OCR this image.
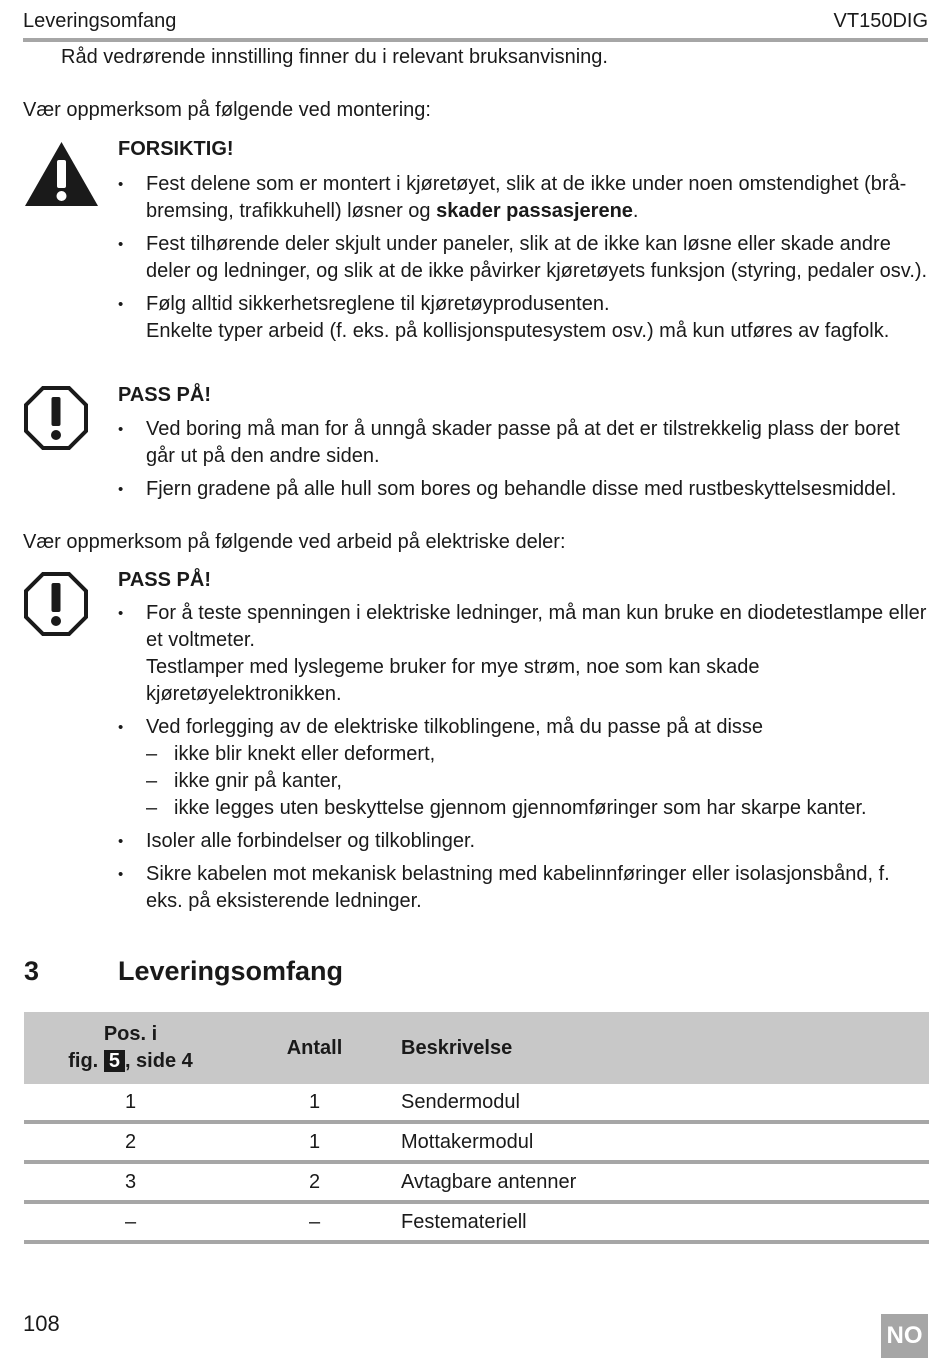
Leveringsomfang	VT150DIG

Råd vedrørende innstilling finner du i relevant bruksanvisning.

Vær oppmerksom på følgende ved montering:

FORSIKTIG!
• Fest delene som er montert i kjøretøyet, slik at de ikke under noen omstendighet (brå-bremsing, trafikkuhell) løsner og skader passasjerene.
• Fest tilhørende deler skjult under paneler, slik at de ikke kan løsne eller skade andre deler og ledninger, og slik at de ikke påvirker kjøretøyets funksjon (styring, pedaler osv.).
• Følg alltid sikkerhetsreglene til kjøretøyprodusenten.
Enkelte typer arbeid (f. eks. på kollisjonsputesystem osv.) må kun utføres av fagfolk.
PASS PÅ!
• Ved boring må man for å unngå skader passe på at det er tilstrekkelig plass der boret går ut på den andre siden.
• Fjern gradene på alle hull som bores og behandle disse med rustbeskyttelsesmiddel.

Vær oppmerksom på følgende ved arbeid på elektriske deler:

PASS PÅ!
• For å teste spenningen i elektriske ledninger, må man kun bruke en diodetestlampe eller et voltmeter.
Testlamper med lyslegeme bruker for mye strøm, noe som kan skade kjøretøyelektronikken.
• Ved forlegging av de elektriske tilkoblingene, må du passe på at disse
– ikke blir knekt eller deformert,
– ikke gnir på kanter,
– ikke legges uten beskyttelse gjennom gjennomføringer som har skarpe kanter.
• Isoler alle forbindelser og tilkoblinger.
• Sikre kabelen mot mekanisk belastning med kabelinnføringer eller isolasjonsbånd, f. eks. på eksisterende ledninger.
3	Leveringsomfang
Pos. i
fig. 5 , side 4	Antall	Beskrivelse
1	1	Sendermodul
2	1	Mottakermodul
3	2	Avtagbare antenner
–	–	Festemateriell
108	NO
